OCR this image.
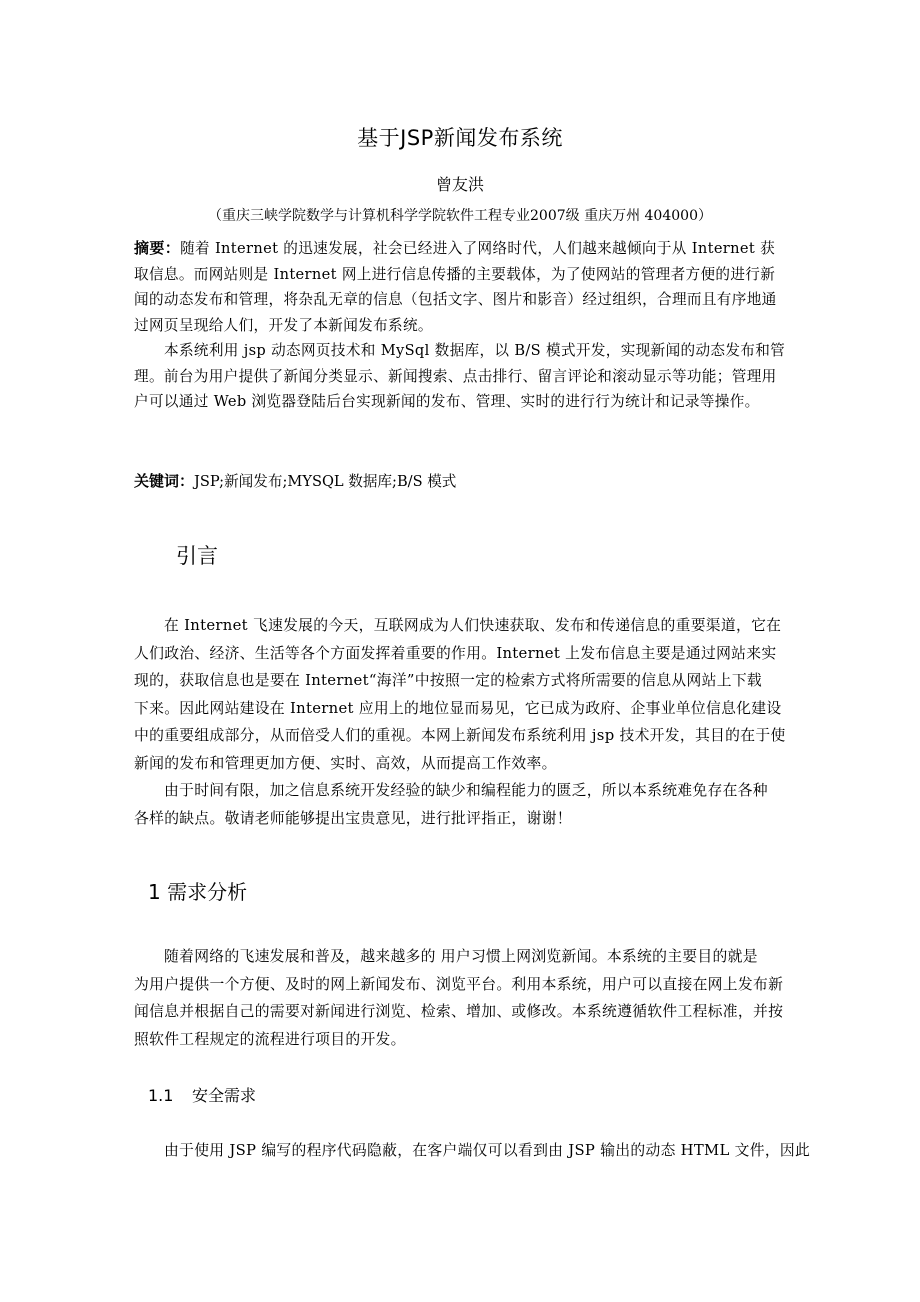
基于JSP新闻发布系统
曾友洪
（重庆三峡学院数学与计算机科学学院软件工程专业2007级 重庆万州 404000）
摘要：随着 Internet 的迅速发展，社会已经进入了网络时代，人们越来越倾向于从 Internet 获
取信息。而网站则是 Internet 网上进行信息传播的主要载体，为了使网站的管理者方便的进行新
闻的动态发布和管理，将杂乱无章的信息（包括文字、图片和影音）经过组织，合理而且有序地通
过网页呈现给人们，开发了本新闻发布系统。
本系统利用 jsp 动态网页技术和 MySql 数据库，以 B/S 模式开发，实现新闻的动态发布和管
理。前台为用户提供了新闻分类显示、新闻搜索、点击排行、留言评论和滚动显示等功能；管理用
户可以通过 Web 浏览器登陆后台实现新闻的发布、管理、实时的进行行为统计和记录等操作。
关键词：JSP;新闻发布;MYSQL 数据库;B/S 模式
引言
在 Internet 飞速发展的今天，互联网成为人们快速获取、发布和传递信息的重要渠道，它在
人们政治、经济、生活等各个方面发挥着重要的作用。Internet 上发布信息主要是通过网站来实
现的，获取信息也是要在 Internet“海洋”中按照一定的检索方式将所需要的信息从网站上下载
下来。因此网站建设在 Internet 应用上的地位显而易见，它已成为政府、企事业单位信息化建设
中的重要组成部分，从而倍受人们的重视。本网上新闻发布系统利用 jsp 技术开发，其目的在于使
新闻的发布和管理更加方便、实时、高效，从而提高工作效率。
由于时间有限，加之信息系统开发经验的缺少和编程能力的匮乏，所以本系统难免存在各种
各样的缺点。敬请老师能够提出宝贵意见，进行批评指正，谢谢！
1 需求分析
随着网络的飞速发展和普及，越来越多的 用户习惯上网浏览新闻。本系统的主要目的就是
为用户提供一个方便、及时的网上新闻发布、浏览平台。利用本系统，用户可以直接在网上发布新
闻信息并根据自己的需要对新闻进行浏览、检索、增加、或修改。本系统遵循软件工程标准，并按
照软件工程规定的流程进行项目的开发。
1.1 安全需求
由于使用 JSP 编写的程序代码隐蔽，在客户端仅可以看到由 JSP 输出的动态 HTML 文件，因此
